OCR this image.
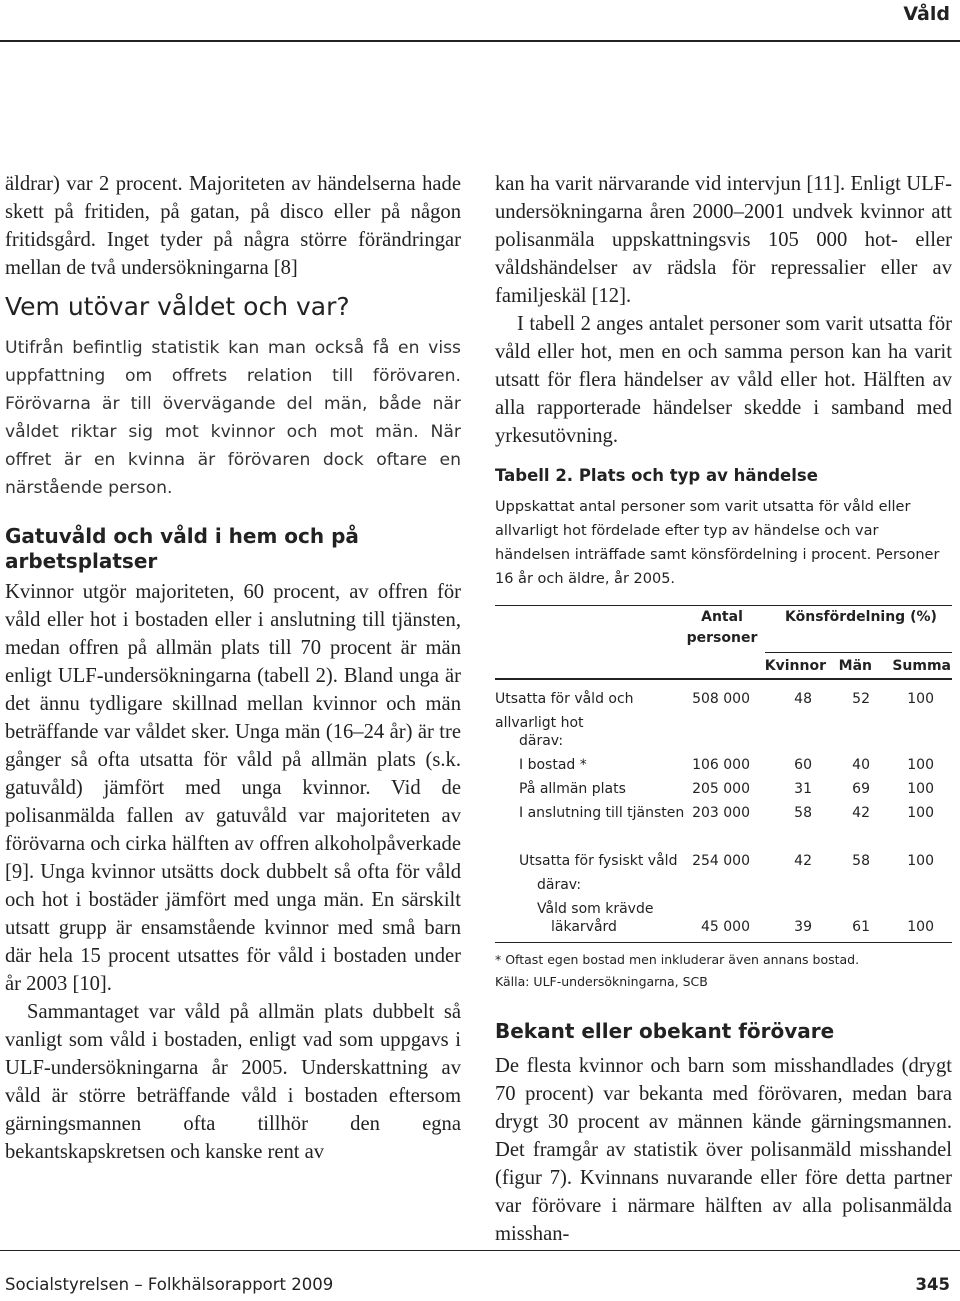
Våld

äldrar) var 2 procent. Majoriteten av händelserna hade skett på fritiden, på gatan, på disco eller på någon fritidsgård. Inget tyder på några större förändringar mellan de två undersökningarna [8]

Vem utövar våldet och var?

Utifrån befintlig statistik kan man också få en viss uppfattning om offrets relation till förövaren. Förövarna är till övervägande del män, både när våldet riktar sig mot kvinnor och mot män. När offret är en kvinna är förövaren dock oftare en närstående person.

Gatuvåld och våld i hem och på arbetsplatser

Kvinnor utgör majoriteten, 60 procent, av offren för våld eller hot i bostaden eller i anslutning till tjänsten, medan offren på allmän plats till 70 procent är män enligt ULF-undersökningarna (tabell 2). Bland unga är det ännu tydligare skillnad mellan kvinnor och män beträffande var våldet sker. Unga män (16–24 år) är tre gånger så ofta utsatta för våld på allmän plats (s.k. gatuvåld) jämfört med unga kvinnor. Vid de polisanmälda fallen av gatuvåld var majoriteten av förövarna och cirka hälften av offren alkoholpåverkade [9]. Unga kvinnor utsätts dock dubbelt så ofta för våld och hot i bostäder jämfört med unga män. En särskilt utsatt grupp är ensamstående kvinnor med små barn där hela 15 procent utsattes för våld i bostaden under år 2003 [10].

Sammantaget var våld på allmän plats dubbelt så vanligt som våld i bostaden, enligt vad som uppgavs i ULF-undersökningarna år 2005. Underskattning av våld är större beträffande våld i bostaden eftersom gärningsmannen ofta tillhör den egna bekantskapskretsen och kanske rent av

kan ha varit närvarande vid intervjun [11]. Enligt ULF-undersökningarna åren 2000–2001 undvek kvinnor att polisanmäla uppskattningsvis 105 000 hot- eller våldshändelser av rädsla för repressalier eller av familjeskäl [12].

I tabell 2 anges antalet personer som varit utsatta för våld eller hot, men en och samma person kan ha varit utsatt för flera händelser av våld eller hot. Hälften av alla rapporterade händelser skedde i samband med yrkesutövning.

Tabell 2. Plats och typ av händelse

Uppskattat antal personer som varit utsatta för våld eller allvarligt hot fördelade efter typ av händelse och var händelsen inträffade samt könsfördelning i procent. Personer 16 år och äldre, år 2005.

Antal	Könsfördelning (%)
personer
Kvinnor Män Summa
Utsatta för våld och	508 000	48	52	100
allvarligt hot
därav:
I bostad *	106 000	60	40	100
På allmän plats	205 000	31	69	100
I anslutning till tjänsten 203 000	58	42	100
Utsatta för fysiskt våld 254 000	42	58	100
därav:
Våld som krävde
läkarvård	45 000	39	61	100
* Oftast egen bostad men inkluderar även annans bostad.
Källa: ULF-undersökningarna, SCB
Bekant eller obekant förövare

De flesta kvinnor och barn som misshandlades (drygt 70 procent) var bekanta med förövaren, medan bara drygt 30 procent av männen kände gärningsmannen. Det framgår av statistik över polisanmäld misshandel (figur 7). Kvinnans nuvarande eller före detta partner var förövare i närmare hälften av alla polisanmälda misshan-

Socialstyrelsen – Folkhälsorapport 2009	345
